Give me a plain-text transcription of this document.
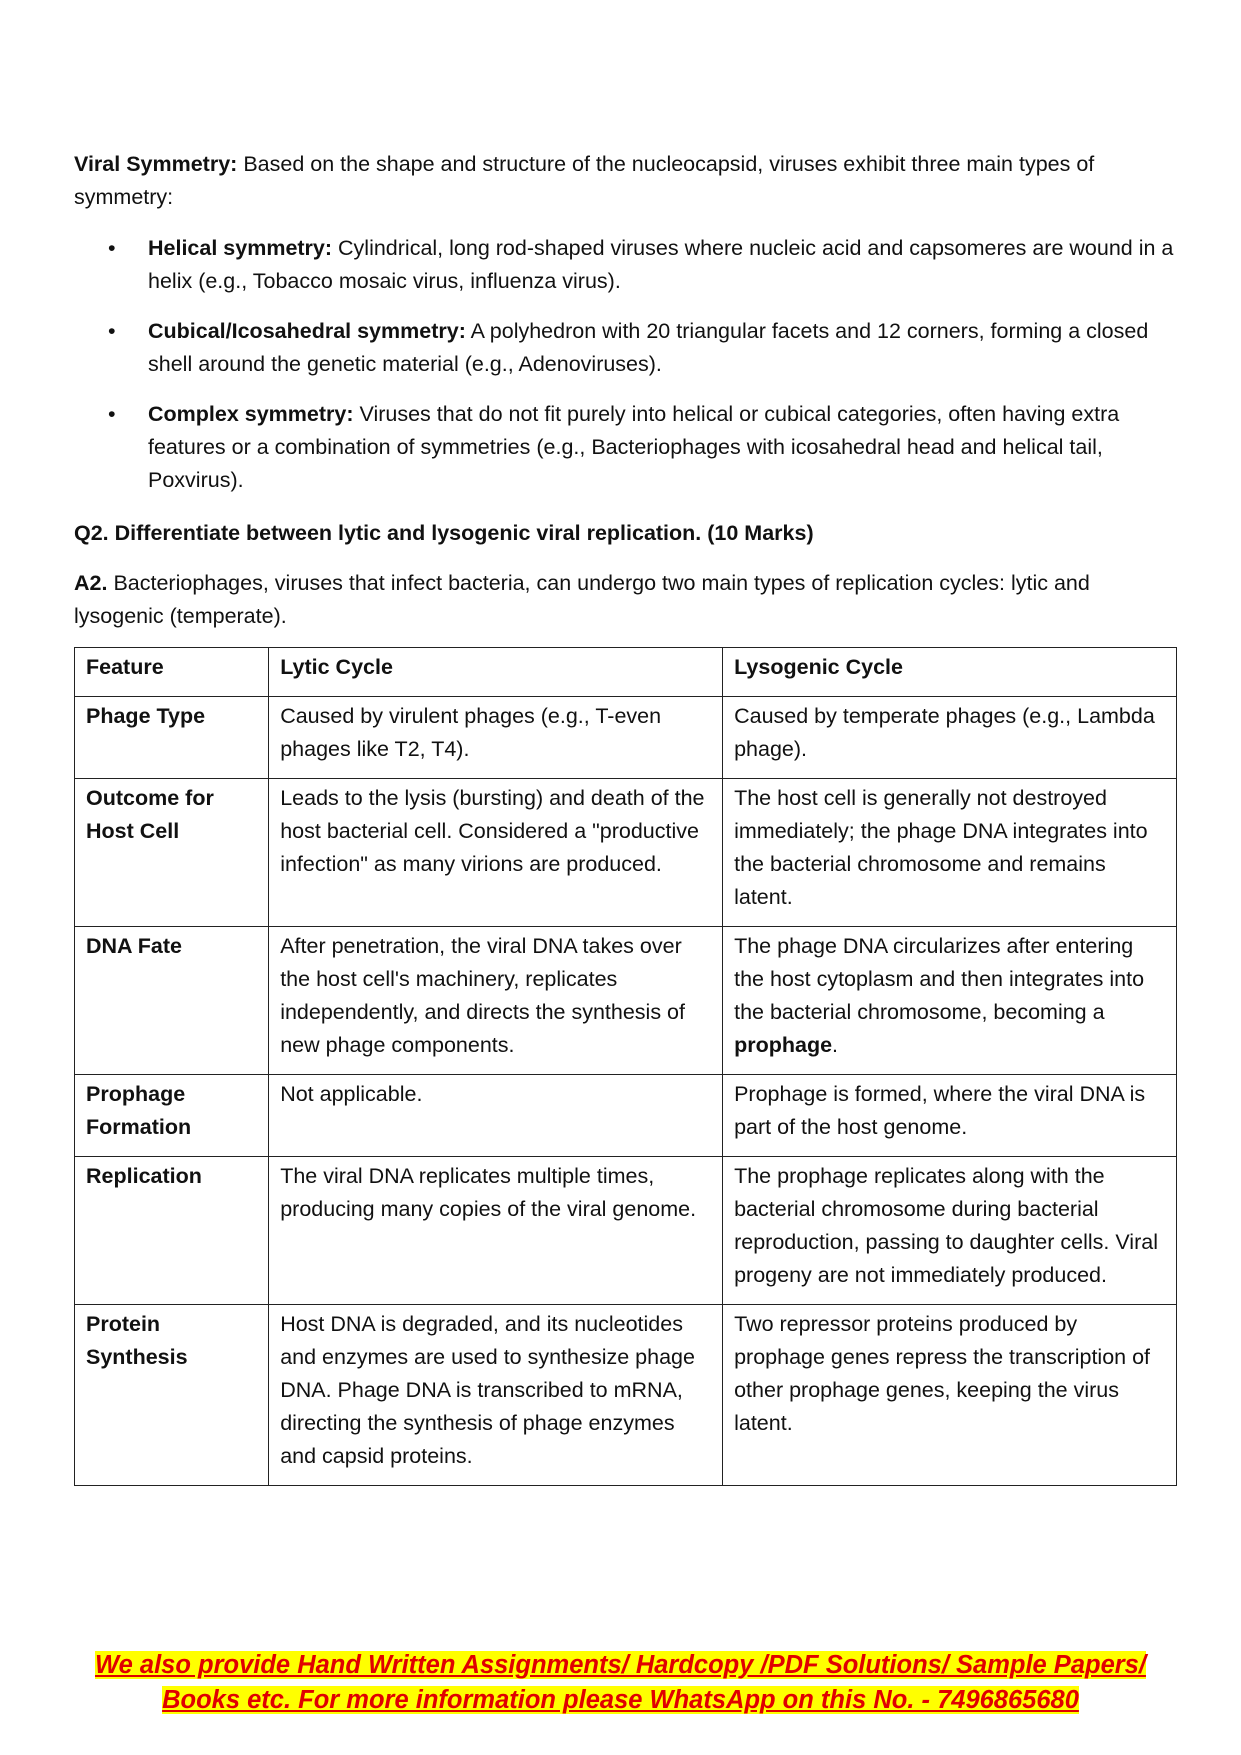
Viral Symmetry: Based on the shape and structure of the nucleocapsid, viruses exhibit three main types of symmetry:

• Helical symmetry: Cylindrical, long rod-shaped viruses where nucleic acid and capsomeres are wound in a helix (e.g., Tobacco mosaic virus, influenza virus).
• Cubical/Icosahedral symmetry: A polyhedron with 20 triangular facets and 12 corners, forming a closed shell around the genetic material (e.g., Adenoviruses).
• Complex symmetry: Viruses that do not fit purely into helical or cubical categories, often having extra features or a combination of symmetries (e.g., Bacteriophages with icosahedral head and helical tail, Poxvirus).

Q2. Differentiate between lytic and lysogenic viral replication. (10 Marks)

A2. Bacteriophages, viruses that infect bacteria, can undergo two main types of replication cycles: lytic and lysogenic (temperate).

Feature	Lytic Cycle	Lysogenic Cycle
Phage Type	Caused by virulent phages (e.g., T-even phages like T2, T4).	Caused by temperate phages (e.g., Lambda phage).
Outcome for Host Cell	Leads to the lysis (bursting) and death of the host bacterial cell. Considered a "productive infection" as many virions are produced.	The host cell is generally not destroyed immediately; the phage DNA integrates into the bacterial chromosome and remains latent.
DNA Fate	After penetration, the viral DNA takes over the host cell's machinery, replicates independently, and directs the synthesis of new phage components.	The phage DNA circularizes after entering the host cytoplasm and then integrates into the bacterial chromosome, becoming a prophage.
Prophage Formation	Not applicable.	Prophage is formed, where the viral DNA is part of the host genome.
Replication	The viral DNA replicates multiple times, producing many copies of the viral genome.	The prophage replicates along with the bacterial chromosome during bacterial reproduction, passing to daughter cells. Viral progeny are not immediately produced.
Protein Synthesis	Host DNA is degraded, and its nucleotides and enzymes are used to synthesize phage DNA. Phage DNA is transcribed to mRNA, directing the synthesis of phage enzymes and capsid proteins.	Two repressor proteins produced by prophage genes repress the transcription of other prophage genes, keeping the virus latent.
We also provide Hand Written Assignments/ Hardcopy /PDF Solutions/ Sample Papers/
Books etc. For more information please WhatsApp on this No. - 7496865680
